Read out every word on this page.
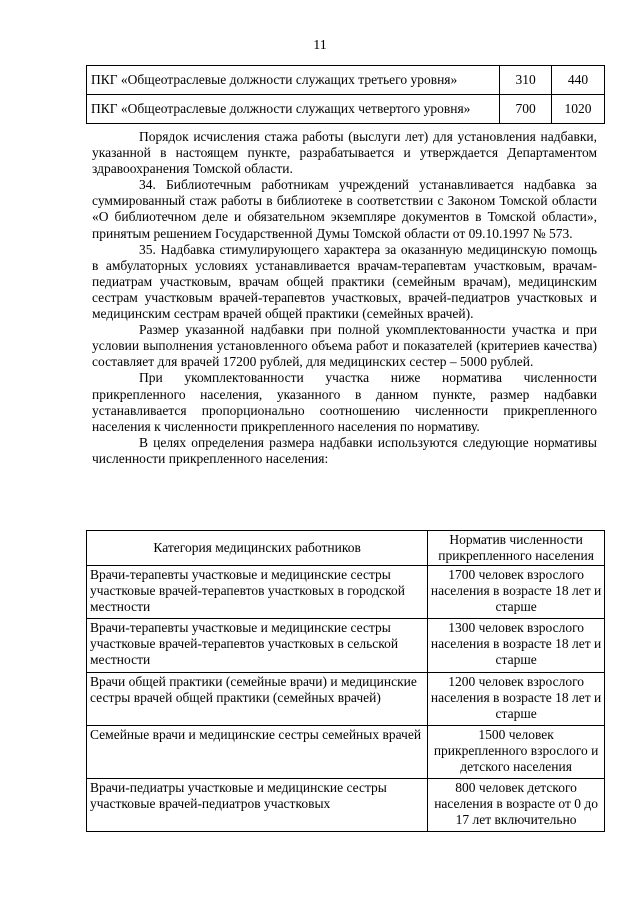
11
ПКГ «Общеотраслевые должности служащих третьего уровня»	310	440
ПКГ «Общеотраслевые должности служащих четвертого уровня»	700	1020

Порядок исчисления стажа работы (выслуги лет) для установления надбавки, указанной в настоящем пункте, разрабатывается и утверждается Департаментом здравоохранения Томской области.

34. Библиотечным работникам учреждений устанавливается надбавка за суммированный стаж работы в библиотеке в соответствии с Законом Томской области «О библиотечном деле и обязательном экземпляре документов в Томской области», принятым решением Государственной Думы Томской области от 09.10.1997 № 573.

35. Надбавка стимулирующего характера за оказанную медицинскую помощь в амбулаторных условиях устанавливается врачам-терапевтам участковым, врачам-педиатрам участковым, врачам общей практики (семейным врачам), медицинским сестрам участковым врачей-терапевтов участковых, врачей-педиатров участковых и медицинским сестрам врачей общей практики (семейных врачей).

Размер указанной надбавки при полной укомплектованности участка и при условии выполнения установленного объема работ и показателей (критериев качества) составляет для врачей 17200 рублей, для медицинских сестер – 5000 рублей.

При укомплектованности участка ниже норматива численности прикрепленного населения, указанного в данном пункте, размер надбавки устанавливается пропорционально соотношению численности прикрепленного населения к численности прикрепленного населения по нормативу.

В целях определения размера надбавки используются следующие нормативы численности прикрепленного населения:

Категория медицинских работников	Норматив численности прикрепленного населения
Врачи-терапевты участковые и медицинские сестры участковые врачей-терапевтов участковых в городской местности	1700 человек взрослого населения в возрасте 18 лет и старше
Врачи-терапевты участковые и медицинские сестры участковые врачей-терапевтов участковых в сельской местности	1300 человек взрослого населения в возрасте 18 лет и старше
Врачи общей практики (семейные врачи) и медицинские сестры врачей общей практики (семейных врачей)	1200 человек взрослого населения в возрасте 18 лет и старше
Семейные врачи и медицинские сестры семейных врачей	1500 человек прикрепленного взрослого и детского населения
Врачи-педиатры участковые и медицинские сестры участковые врачей-педиатров участковых	800 человек детского населения в возрасте от 0 до 17 лет включительно
